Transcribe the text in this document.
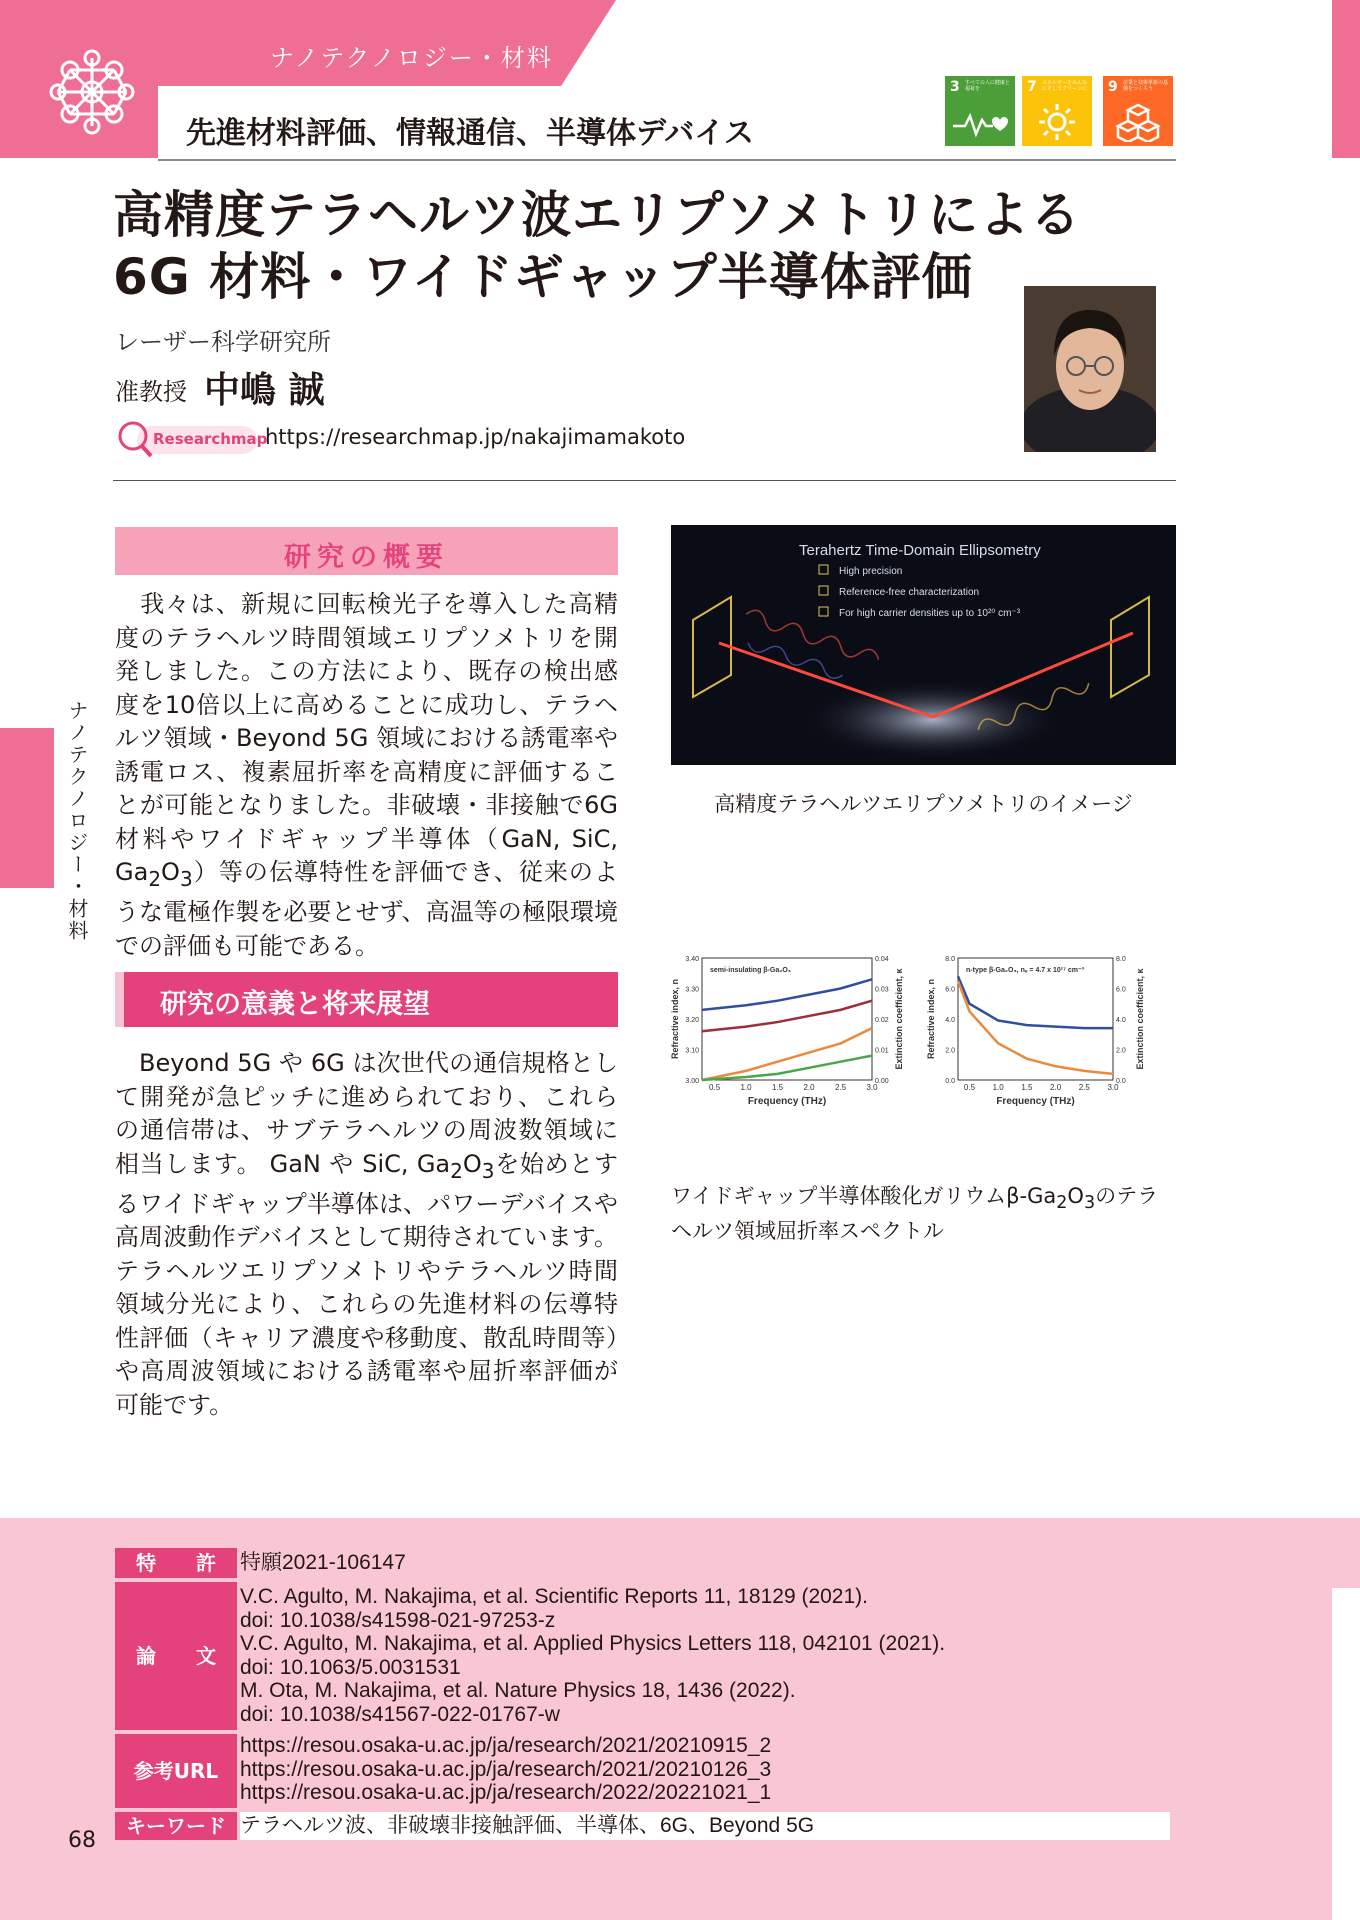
ナノテクノロジー・材料
先進材料評価、情報通信、半導体デバイス
3 すべての人に健康と福祉を	7 エネルギーをみんなにそしてクリーンに 9 産業と技術革新の基盤をつくろう
高精度テラヘルツ波エリプソメトリによる
6G 材料・ワイドギャップ半導体評価
レーザー科学研究所
准教授 中嶋 誠
Researchmap
https://researchmap.jp/nakajimamakoto
ナノテクノロジー・材料
研究の概要
我々は、新規に回転検光子を導入した高精度のテラヘルツ時間領域エリプソメトリを開発しました。この方法により、既存の検出感度を10倍以上に高めることに成功し、テラヘルツ領域・Beyond 5G 領域における誘電率や誘電ロス、複素屈折率を高精度に評価することが可能となりました。非破壊・非接触で6G 材料やワイドギャップ半導体（GaN, SiC, $Ga_2O_3$）等の伝導特性を評価でき、従来のような電極作製を必要とせず、高温等の極限環境での評価も可能である。
研究の意義と将来展望
Beyond 5G や 6G は次世代の通信規格として開発が急ピッチに進められており、これらの通信帯は、サブテラヘルツの周波数領域に相当します。 GaN や SiC, $Ga_2O_3$を始めとするワイドギャップ半導体は、パワーデバイスや高周波動作デバイスとして期待されています。テラヘルツエリプソメトリやテラヘルツ時間領域分光により、これらの先進材料の伝導特性評価（キャリア濃度や移動度、散乱時間等）や高周波領域における誘電率や屈折率評価が可能です。
Terahertz Time-Domain Ellipsometry
High precision
Reference-free characterization
For high carrier densities up to 10²⁰ cm⁻³
高精度テラヘルツエリプソメトリのイメージ
semi-insulating β-Ga₂O₃
0.5	1.0	1.5	2.0	2.5	3.0
3.00
3.10
3.20
3.30
3.40
0.00
0.01
0.02
0.03
0.04
Frequency (THz)
Refractive index, n	Extinction coefficient, κ	n-type β-Ga₂O₃, nₑ = 4.7 x 10¹⁷ cm⁻³
0.5 1.0 1.5 2.0 2.5 3.0
0.0
2.0
4.0
6.0
8.0
0.0
2.0
4.0
6.0
8.0
Frequency (THz)
Refractive index, n	Extinction coefficient, κ
ワイドギャップ半導体酸化ガリウム$\beta-Ga_2O_3$のテラヘルツ領域屈折率スペクトル
特　　許	特願2021-106147
論　　文
V.C. Agulto, M. Nakajima, et al. Scientific Reports 11, 18129 (2021).
doi: 10.1038/s41598-021-97253-z
V.C. Agulto, M. Nakajima, et al. Applied Physics Letters 118, 042101 (2021).
doi: 10.1063/5.0031531
M. Ota, M. Nakajima, et al. Nature Physics 18, 1436 (2022).
doi: 10.1038/s41567-022-01767-w
参考URL
https://resou.osaka-u.ac.jp/ja/research/2021/20210915_2
https://resou.osaka-u.ac.jp/ja/research/2021/20210126_3
https://resou.osaka-u.ac.jp/ja/research/2022/20221021_1
キーワード テラヘルツ波、非破壊非接触評価、半導体、6G、Beyond 5G
68
